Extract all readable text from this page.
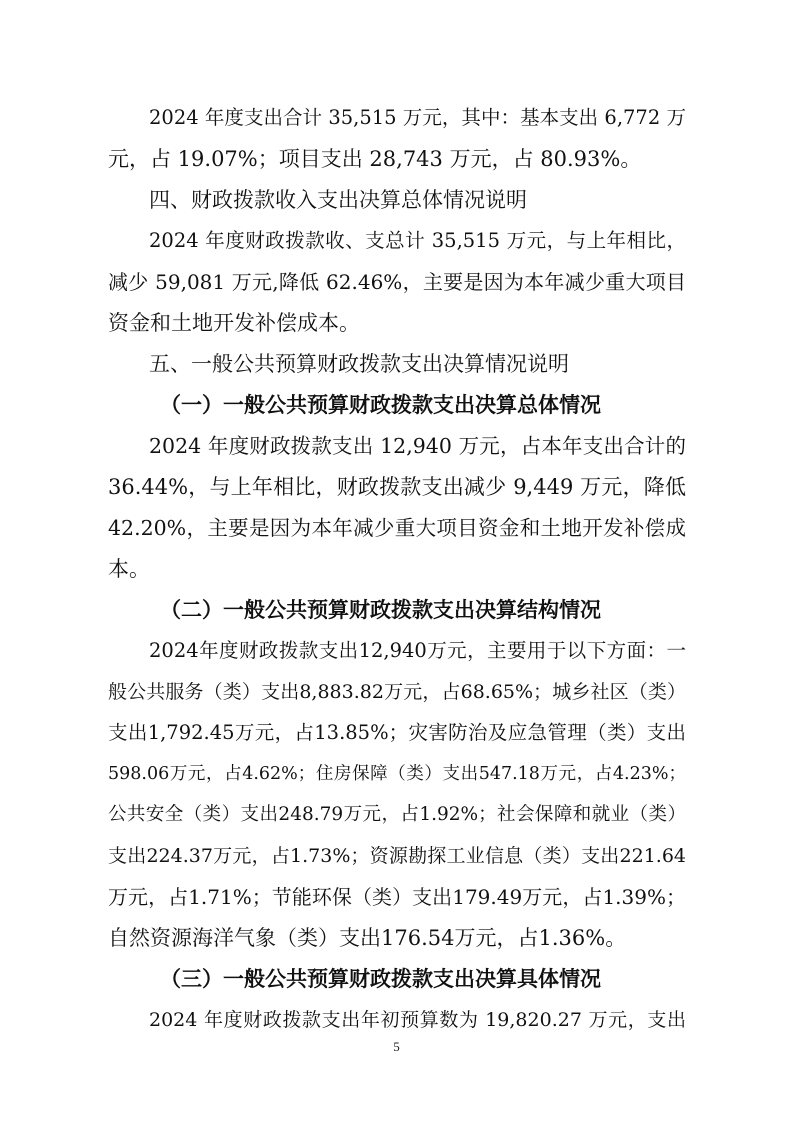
2024 年度支出合计 35,515 万元，其中：基本支出 6,772 万
元，占 19.07%；项目支出 28,743 万元，占 80.93%。
四、财政拨款收入支出决算总体情况说明
2024 年度财政拨款收、支总计 35,515 万元，与上年相比，
减少 59,081 万元,降低 62.46%，主要是因为本年减少重大项目
资金和土地开发补偿成本。
五、一般公共预算财政拨款支出决算情况说明
（一）一般公共预算财政拨款支出决算总体情况
2024 年度财政拨款支出 12,940 万元，占本年支出合计的
36.44%，与上年相比，财政拨款支出减少 9,449 万元，降低
42.20%，主要是因为本年减少重大项目资金和土地开发补偿成
本。
（二）一般公共预算财政拨款支出决算结构情况
2024年度财政拨款支出12,940万元，主要用于以下方面：一
般公共服务（类）支出8,883.82万元，占68.65%；城乡社区（类）
支出1,792.45万元，占13.85%；灾害防治及应急管理（类）支出
598.06万元，占4.62%；住房保障（类）支出547.18万元，占4.23%；
公共安全（类）支出248.79万元，占1.92%；社会保障和就业（类）
支出224.37万元，占1.73%；资源勘探工业信息（类）支出221.64
万元，占1.71%；节能环保（类）支出179.49万元，占1.39%；
自然资源海洋气象（类）支出176.54万元，占1.36%。
（三）一般公共预算财政拨款支出决算具体情况
2024 年度财政拨款支出年初预算数为 19,820.27 万元，支出
5
